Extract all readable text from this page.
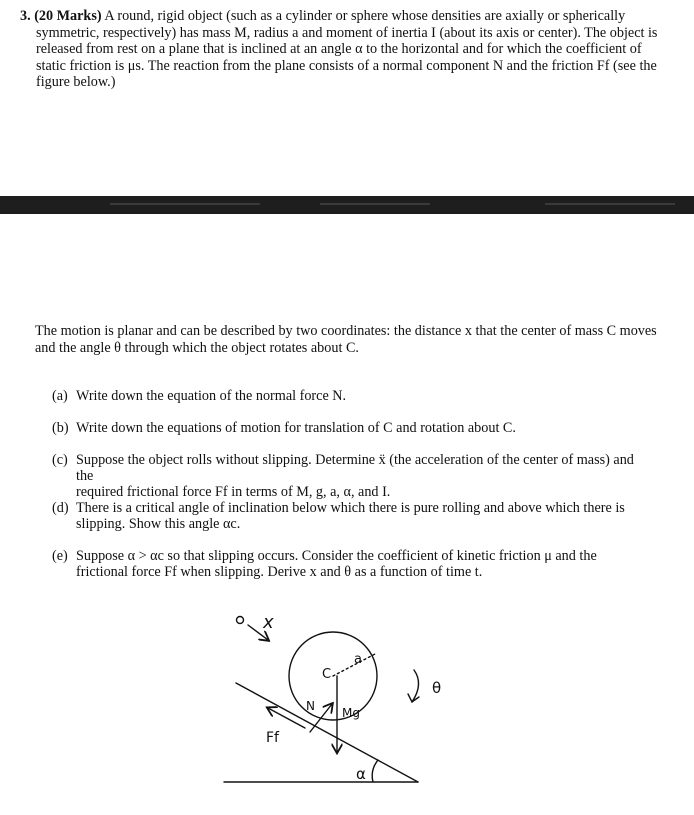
3. (20 Marks) A round, rigid object (such as a cylinder or sphere whose densities are axially or spherically
symmetric, respectively) has mass M, radius a and moment of inertia I (about its axis or center). The object is
released from rest on a plane that is inclined at an angle α to the horizontal and for which the coefficient of
static friction is μs. The reaction from the plane consists of a normal component N and the friction Ff (see the
figure below.)
The motion is planar and can be described by two coordinates: the distance x that the center of mass C moves
and the angle θ through which the object rotates about C.
(a) Write down the equation of the normal force N.
(b) Write down the equations of motion for translation of C and rotation about C.
(c) Suppose the object rolls without slipping. Determine ẍ (the acceleration of the center of mass) and the
required frictional force Ff in terms of M, g, a, α, and I.
(d) There is a critical angle of inclination below which there is pure rolling and above which there is
slipping. Show this angle αc.
(e) Suppose α > αc so that slipping occurs. Consider the coefficient of kinetic friction μ and the
frictional force Ff when slipping. Derive x and θ as a function of time t.
x
C
a
N Mg
Ff
α
θ
